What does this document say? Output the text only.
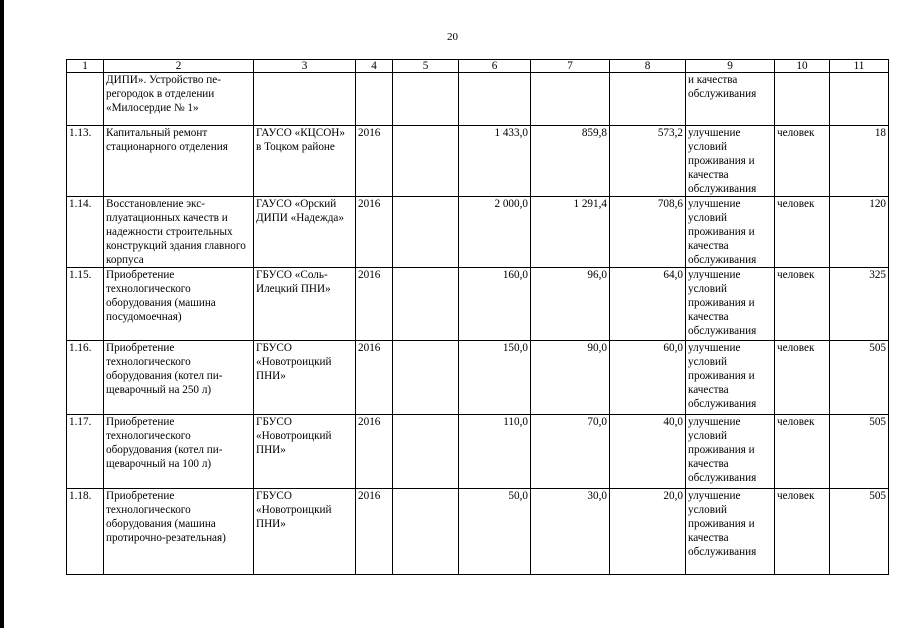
20
1	2	3	4	5	6	7	8	9	10	11
	ДИПИ». Устройство перегородок в отделении «Милосердие № 1»							и качества обслуживания		
1.13.	Капитальный ремонт стационарного отделения	ГАУСО «КЦСОН» в Тоцком районе	2016		1 433,0	859,8	573,2	улучшение условий проживания и качества обслуживания	человек	18
1.14.	Восстановление эксплуатационных качеств и надежности строительных конструкций здания главного корпуса	ГАУСО «Орский ДИПИ «Надежда»	2016		2 000,0	1 291,4	708,6	улучшение условий проживания и качества обслуживания	человек	120
1.15.	Приобретение технологического оборудования (машина посудомоечная)	ГБУСО «Соль-Илецкий ПНИ»	2016		160,0	96,0	64,0	улучшение условий проживания и качества обслуживания	человек	325
1.16.	Приобретение технологического оборудования (котел пищеварочный на 250 л)	ГБУСО «Новотроицкий ПНИ»	2016		150,0	90,0	60,0	улучшение условий проживания и качества обслуживания	человек	505
1.17.	Приобретение технологического оборудования (котел пищеварочный на 100 л)	ГБУСО «Новотроицкий ПНИ»	2016		110,0	70,0	40,0	улучшение условий проживания и качества обслуживания	человек	505
1.18.	Приобретение технологического оборудования (машина протирочно-резательная)	ГБУСО «Новотроицкий ПНИ»	2016		50,0	30,0	20,0	улучшение условий проживания и качества обслуживания	человек	505
